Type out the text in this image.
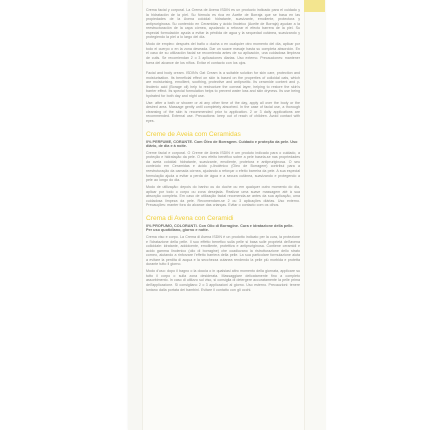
Crema facial y corporal. La Crema de Avena ISDIN es un producto indicado para el cuidado y la hidratación de la piel. Su fórmula es rica en Aceite de Borraja que se basa en las propiedades de la Avena coloidal: hidratante, suavizante, emoliente, protectora y antipruriginosa. Su contenido en Ceramidas y ácido linoleico (Aceite de Borraja) ayudan a la reestructuración de la capa córnea, ayudando a reforzar el efecto barrera de la piel. Su especial formulación ayuda a evitar la pérdida de agua y la sequedad cutánea, suavizando y protegiendo la piel a lo largo del día.

Modo de empleo: después del baño o ducha o en cualquier otro momento del día, aplicar por todo el cuerpo o en la zona deseada. Dar un suave masaje hasta su completa absorción. En el caso de su utilización facial se recomienda antes de su aplicación, una cuidadosa limpieza de cutis. Se recomiendan 2 o 3 aplicaciones diarias. Uso externo. Precauciones: mantener fuera del alcance de los niños. Evitar el contacto con los ojos.

Facial and body cream. ISDIN's Oat Cream is a suitable solution for skin care, protection and moisturisation. Its beneficial effect on skin is based on the properties of colloidal oats, which are moisturising, emollient, soothing, protective and antipruritic. Its ceramide content and γ-linolenic acid (Borage oil) help to restructure the corneal layer, helping to restore the skin's barrier effect. Its special formulation helps to prevent water loss and skin dryness. Its use being hydrated for both day and night use.

Use: after a bath or shower or at any other time of the day, apply all over the body or the desired area. Massage gently until completely absorbed. In the case of facial use, a thorough cleansing of the skin is recommended prior to application. 2 or 3 daily applications are recommended. External use. Precautions: keep out of reach of children. Avoid contact with eyes.

Creme de Aveia com Ceramidas
0% PERFUME, CORANTE. Com Óleo de Borragem. Cuidado e proteção da pele. Uso diário, de dia e à noite.

Creme facial e corporal. O Creme de Aveia ISDIN é um produto indicado para o cuidado, a proteção e hidratação da pele. O seu efeito benéfico sobre a pele baseia-se nas propriedades da aveia coloidal: hidratante, suavizante, emoliente, protetora e antipruriginosa. O seu conteúdo em Ceramidas e ácido γ-linolénico (Óleo de Borragem) contribui para a reestruturação da camada córnea, ajudando a reforçar o efeito barreira da pele. A sua especial formulação ajuda a evitar a perda de água e a secura cutânea, suavizando e protegendo a pele ao longo do dia.

Modo de utilização: depois do banho ou do duche ou em qualquer outro momento do dia, aplicar por todo o corpo ou zona desejada. Realizar uma suave massagem até à sua absorção completa. Em caso de utilização facial recomenda-se antes da sua aplicação, uma cuidadosa limpeza da pele. Recomendam-se 2 ou 3 aplicações diárias. Uso externo. Precauções: manter fora do alcance das crianças. Evitar o contacto com os olhos.

Crema di Avena con Ceramidi
0% PROFUMO, COLORANTI. Con Olio di Borragine. Cura e idratazione della pelle. Per uso quotidiano, giorno e notte.

Crema viso e corpo. La Crema di Avena ISDIN è un prodotto indicato per la cura, la protezione e l'idratazione della pelle. Il suo effetto benefico sulla pelle si basa sulle proprietà dell'avena colloidale: idratante, addolcente, emolliente, protettiva e antipruriginosa. Contiene ceramidi e acido gamma linolenico (olio di borragine) che coadiuvano la ristrutturazione dello strato corneo, aiutando a rinforzare l'effetto barriera della pelle. La sua particolare formulazione aiuta a evitare la perdita di acqua e la secchezza cutanea rendendo la pelle più morbida e protetta durante tutto il giorno.

Modo d'uso: dopo il bagno o la doccia o in qualsiasi altro momento della giornata, applicare su tutto il corpo o sulla zona desiderata. Massaggiare delicatamente fino a completo assorbimento. In caso di utilizzo sul viso, si consiglia di detergere accuratamente la pelle prima dell'applicazione. Si consigliano 2 o 3 applicazioni al giorno. Uso esterno. Precauzioni: tenere lontano dalla portata dei bambini. Evitare il contatto con gli occhi.
